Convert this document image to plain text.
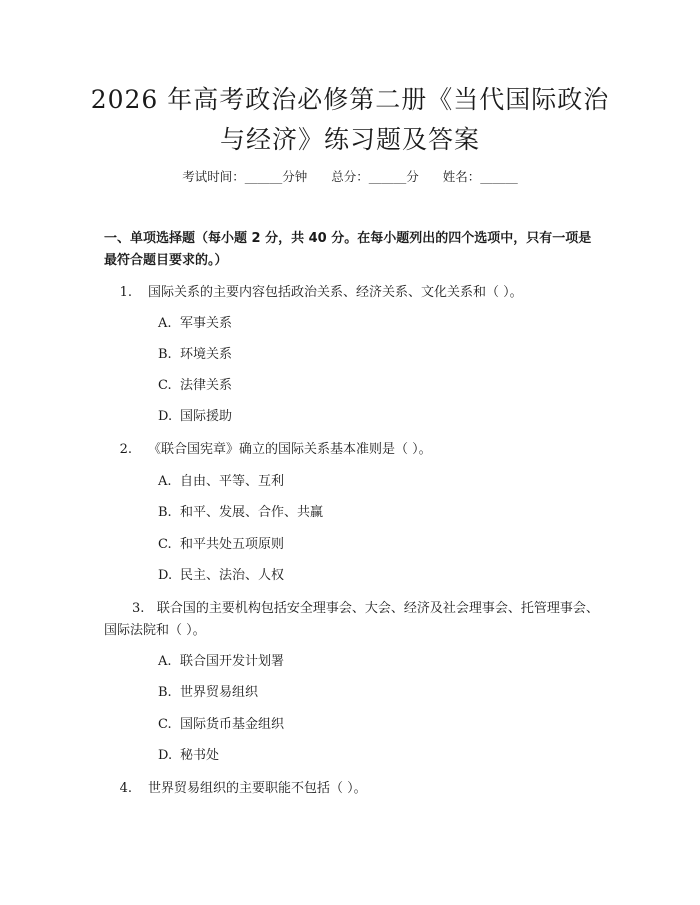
2026 年高考政治必修第二册《当代国际政治
与经济》练习题及答案
考试时间：______分钟 总分：______分 姓名：______
一、单项选择题（每小题 2 分，共 40 分。在每小题列出的四个选项中，只有一项是最符合题目要求的。）
1. 国际关系的主要内容包括政治关系、经济关系、文化关系和（ ）。
A. 军事关系
B. 环境关系
C. 法律关系
D. 国际援助
2. 《联合国宪章》确立的国际关系基本准则是（ ）。
A. 自由、平等、互利
B. 和平、发展、合作、共赢
C. 和平共处五项原则
D. 民主、法治、人权
3. 联合国的主要机构包括安全理事会、大会、经济及社会理事会、托管理事会、国际法院和（ ）。
A. 联合国开发计划署
B. 世界贸易组织
C. 国际货币基金组织
D. 秘书处
4. 世界贸易组织的主要职能不包括（ ）。
